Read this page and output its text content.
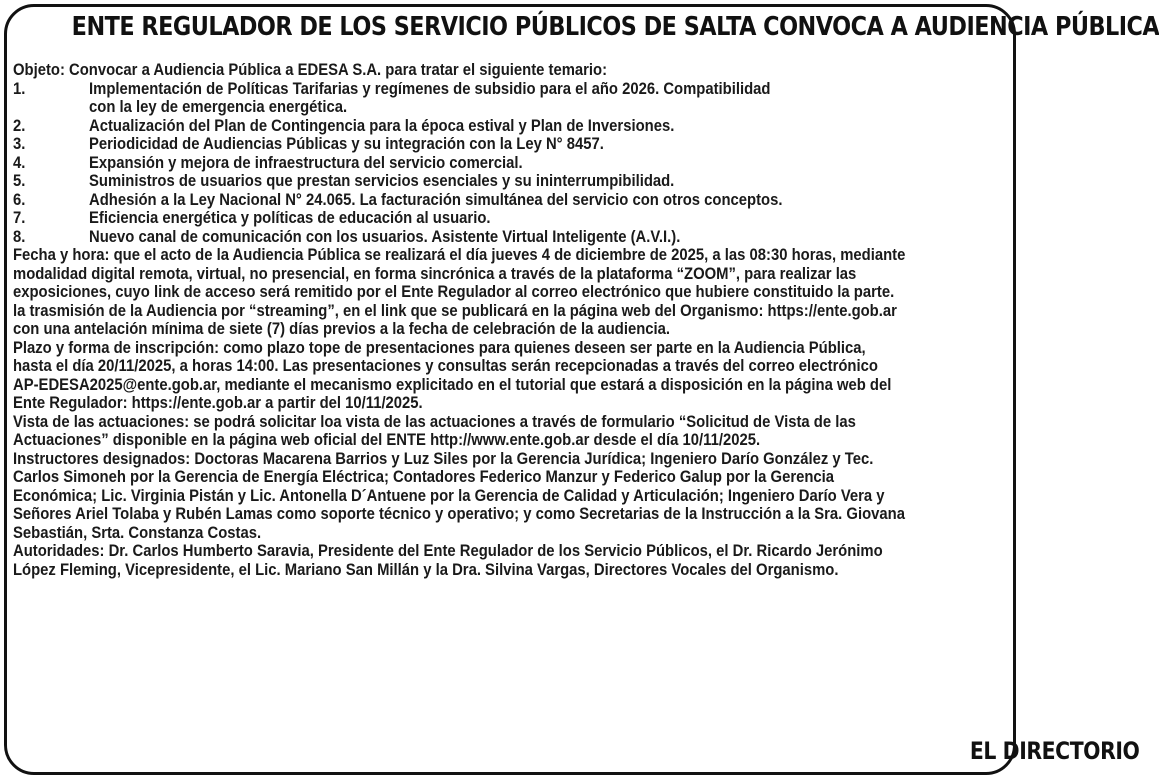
ENTE REGULADOR DE LOS SERVICIO PÚBLICOS DE SALTA CONVOCA A AUDIENCIA PÚBLICA
Objeto: Convocar a Audiencia Pública a EDESA S.A. para tratar el siguiente temario:
1.	Implementación de Políticas Tarifarias y regímenes de subsidio para el año 2026. Compatibilidad
con la ley de emergencia energética.
2.	Actualización del Plan de Contingencia para la época estival y Plan de Inversiones.
3.	Periodicidad de Audiencias Públicas y su integración con la Ley N° 8457.
4.	Expansión y mejora de infraestructura del servicio comercial.
5.	Suministros de usuarios que prestan servicios esenciales y su ininterrumpibilidad.
6.	Adhesión a la Ley Nacional N° 24.065. La facturación simultánea del servicio con otros conceptos.
7.	Eficiencia energética y políticas de educación al usuario.
8.	Nuevo canal de comunicación con los usuarios. Asistente Virtual Inteligente (A.V.I.).
Fecha y hora: que el acto de la Audiencia Pública se realizará el día jueves 4 de diciembre de 2025, a las 08:30 horas, mediante
modalidad digital remota, virtual, no presencial, en forma sincrónica a través de la plataforma “ZOOM”, para realizar las
exposiciones, cuyo link de acceso será remitido por el Ente Regulador al correo electrónico que hubiere constituido la parte.
la trasmisión de la Audiencia por “streaming”, en el link que se publicará en la página web del Organismo: https://ente.gob.ar
con una antelación mínima de siete (7) días previos a la fecha de celebración de la audiencia.
Plazo y forma de inscripción: como plazo tope de presentaciones para quienes deseen ser parte en la Audiencia Pública,
hasta el día 20/11/2025, a horas 14:00. Las presentaciones y consultas serán recepcionadas a través del correo electrónico
AP-EDESA2025@ente.gob.ar, mediante el mecanismo explicitado en el tutorial que estará a disposición en la página web del
Ente Regulador: https://ente.gob.ar a partir del 10/11/2025.
Vista de las actuaciones: se podrá solicitar loa vista de las actuaciones a través de formulario “Solicitud de Vista de las
Actuaciones” disponible en la página web oficial del ENTE http://www.ente.gob.ar desde el día 10/11/2025.
Instructores designados: Doctoras Macarena Barrios y Luz Siles por la Gerencia Jurídica; Ingeniero Darío González y Tec.
Carlos Simoneh por la Gerencia de Energía Eléctrica; Contadores Federico Manzur y Federico Galup por la Gerencia
Económica; Lic. Virginia Pistán y Lic. Antonella D´Antuene por la Gerencia de Calidad y Articulación; Ingeniero Darío Vera y
Señores Ariel Tolaba y Rubén Lamas como soporte técnico y operativo; y como Secretarias de la Instrucción a la Sra. Giovana
Sebastián, Srta. Constanza Costas.
Autoridades: Dr. Carlos Humberto Saravia, Presidente del Ente Regulador de los Servicio Públicos, el Dr. Ricardo Jerónimo
López Fleming, Vicepresidente, el Lic. Mariano San Millán y la Dra. Silvina Vargas, Directores Vocales del Organismo.
EL DIRECTORIO
